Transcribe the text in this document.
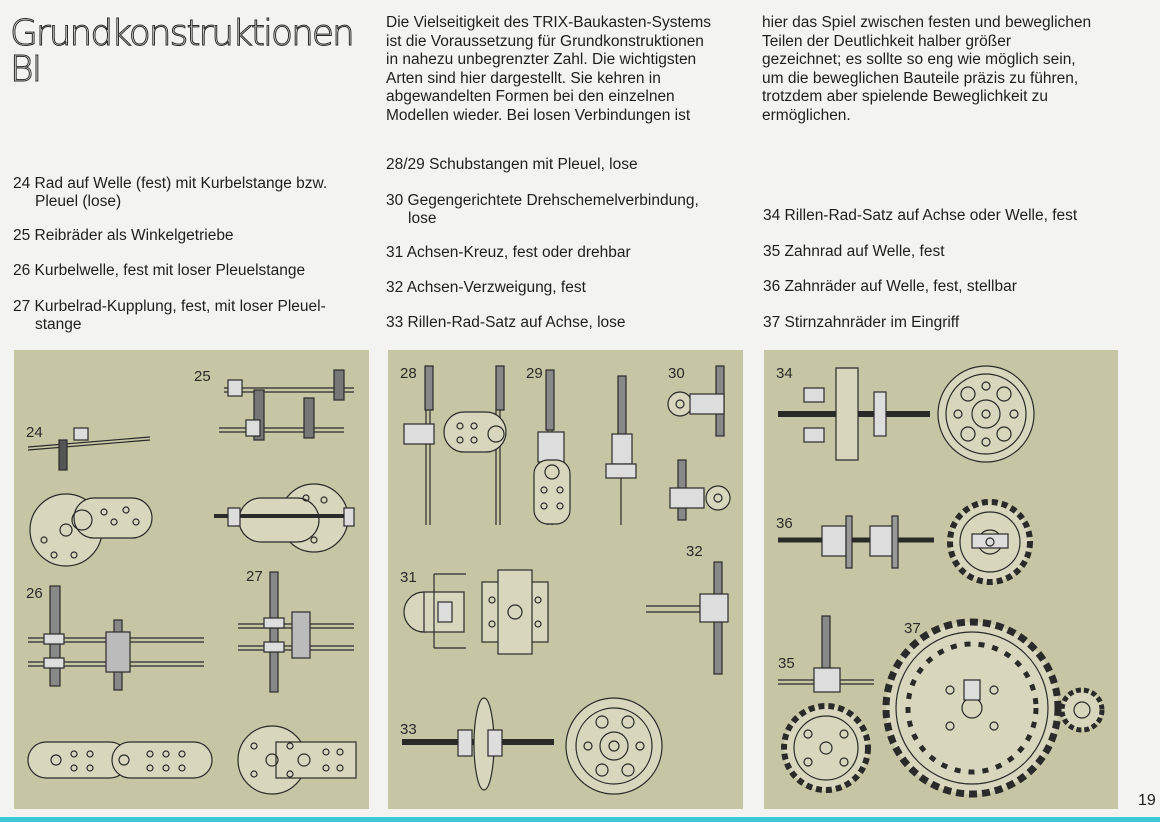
Grundkonstruktionen
BI
Die Vielseitigkeit des TRIX-Baukasten-Systems
ist die Voraussetzung für Grundkonstruktionen
in nahezu unbegrenzter Zahl. Die wichtigsten
Arten sind hier dargestellt. Sie kehren in
abgewandelten Formen bei den einzelnen
Modellen wieder. Bei losen Verbindungen ist
hier das Spiel zwischen festen und beweglichen
Teilen der Deutlichkeit halber größer
gezeichnet; es sollte so eng wie möglich sein,
um die beweglichen Bauteile präzis zu führen,
trotzdem aber spielende Beweglichkeit zu
ermöglichen.
24 Rad auf Welle (fest) mit Kurbelstange bzw.
Pleuel (lose)
25 Reibräder als Winkelgetriebe
26 Kurbelwelle, fest mit loser Pleuelstange
27 Kurbelrad-Kupplung, fest, mit loser Pleuel-
stange
28/29 Schubstangen mit Pleuel, lose
30 Gegengerichtete Drehschemelverbindung,
lose
31 Achsen-Kreuz, fest oder drehbar
32 Achsen-Verzweigung, fest
33 Rillen-Rad-Satz auf Achse, lose
34 Rillen-Rad-Satz auf Achse oder Welle, fest
35 Zahnrad auf Welle, fest
36 Zahnräder auf Welle, fest, stellbar
37 Stirnzahnräder im Eingriff
25
24
26
27
28	29	30
32
31
33
34
36
37
35
19
